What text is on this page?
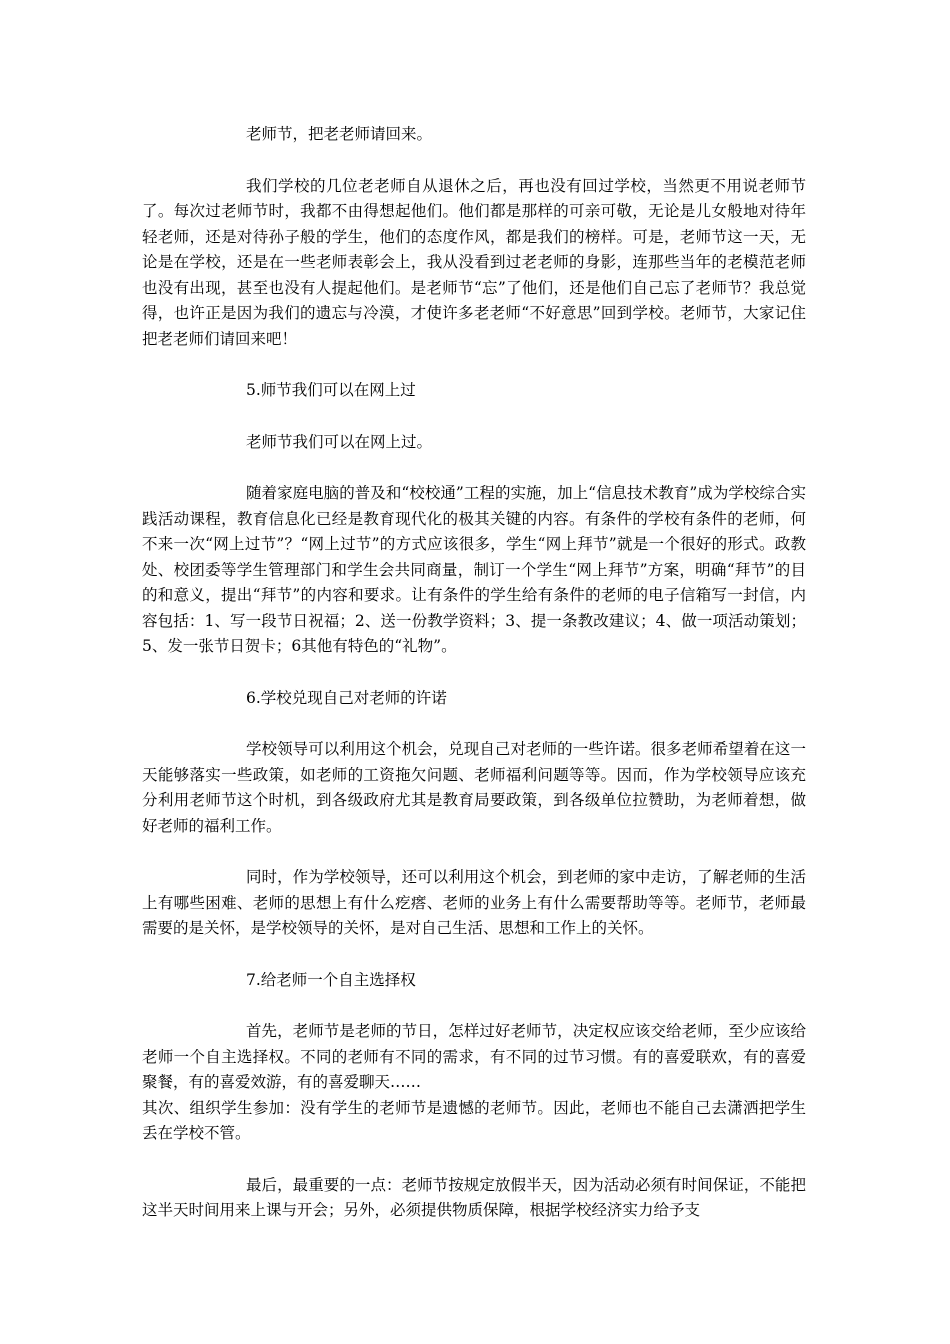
老师节，把老老师请回来。

我们学校的几位老老师自从退休之后，再也没有回过学校，当然更不用说老师节了。每次过老师节时，我都不由得想起他们。他们都是那样的可亲可敬，无论是儿女般地对待年轻老师，还是对待孙子般的学生，他们的态度作风，都是我们的榜样。可是，老师节这一天，无论是在学校，还是在一些老师表彰会上，我从没看到过老老师的身影，连那些当年的老模范老师也没有出现，甚至也没有人提起他们。是老师节“忘”了他们，还是他们自己忘了老师节？我总觉得，也许正是因为我们的遗忘与冷漠，才使许多老老师“不好意思”回到学校。老师节，大家记住把老老师们请回来吧！

5.师节我们可以在网上过

老师节我们可以在网上过。

随着家庭电脑的普及和“校校通”工程的实施，加上“信息技术教育”成为学校综合实践活动课程，教育信息化已经是教育现代化的极其关键的内容。有条件的学校有条件的老师，何不来一次“网上过节”？“网上过节”的方式应该很多，学生“网上拜节”就是一个很好的形式。政教处、校团委等学生管理部门和学生会共同商量，制订一个学生“网上拜节”方案，明确“拜节”的目的和意义，提出“拜节”的内容和要求。让有条件的学生给有条件的老师的电子信箱写一封信，内容包括：1、写一段节日祝福；2、送一份教学资料；3、提一条教改建议；4、做一项活动策划；5、发一张节日贺卡；6其他有特色的“礼物”。

6.学校兑现自己对老师的许诺

学校领导可以利用这个机会，兑现自己对老师的一些许诺。很多老师希望着在这一天能够落实一些政策，如老师的工资拖欠问题、老师福利问题等等。因而，作为学校领导应该充分利用老师节这个时机，到各级政府尤其是教育局要政策，到各级单位拉赞助，为老师着想，做好老师的福利工作。

同时，作为学校领导，还可以利用这个机会，到老师的家中走访，了解老师的生活上有哪些困难、老师的思想上有什么疙瘩、老师的业务上有什么需要帮助等等。老师节，老师最需要的是关怀，是学校领导的关怀，是对自己生活、思想和工作上的关怀。

7.给老师一个自主选择权

首先，老师节是老师的节日，怎样过好老师节，决定权应该交给老师，至少应该给老师一个自主选择权。不同的老师有不同的需求，有不同的过节习惯。有的喜爱联欢，有的喜爱聚餐，有的喜爱效游，有的喜爱聊天……

其次、组织学生参加：没有学生的老师节是遗憾的老师节。因此，老师也不能自己去潇洒把学生丢在学校不管。

最后，最重要的一点：老师节按规定放假半天，因为活动必须有时间保证，不能把这半天时间用来上课与开会；另外，必须提供物质保障，根据学校经济实力给予支
